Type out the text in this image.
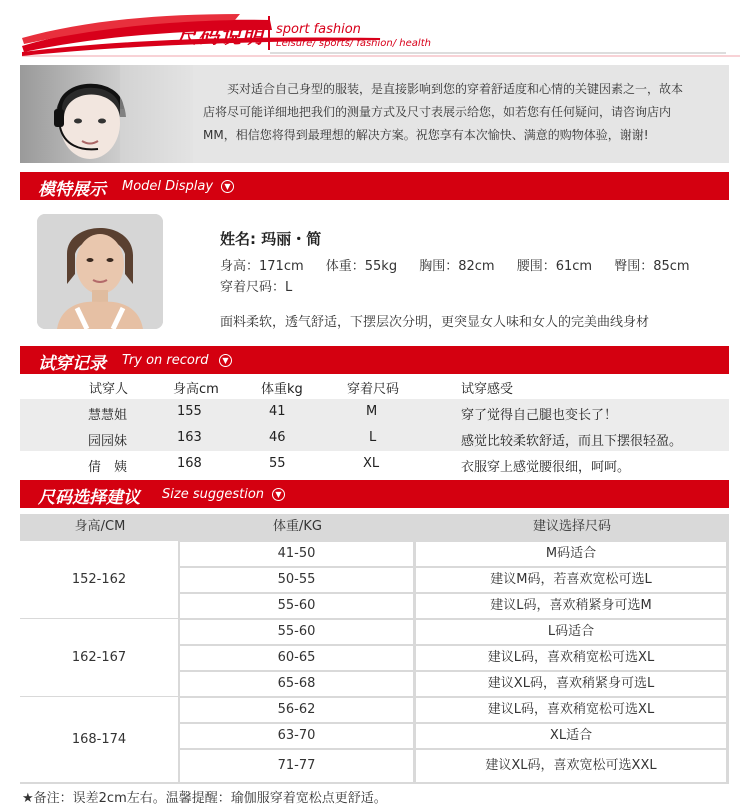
尺码说明 sport fashion
Leisure/ sports/ fashion/ health

买对适合自己身型的服装，是直接影响到您的穿着舒适度和心情的关键因素之一，故本

店将尽可能详细地把我们的测量方式及尺寸表展示给您，如若您有任何疑问，请咨询店内

MM，相信您将得到最理想的解决方案。祝您享有本次愉快、满意的购物体验，谢谢!

模特展示 Model Display	▼
姓名: 玛丽・简
身高：171cm 体重：55kg 胸围：82cm 腰围：61cm 臀围：85cm
穿着尺码：L
面料柔软，透气舒适，下摆层次分明，更突显女人味和女人的完美曲线身材
试穿记录 Try on record	▼
试穿人	身高cm	体重kg	穿着尺码	试穿感受
慧慧姐	155	41	M	穿了觉得自己腿也变长了！
园园妹	163	46	L	感觉比较柔软舒适，而且下摆很轻盈。
倩　姨	168	55	XL	衣服穿上感觉腰很细，呵呵。
尺码选择建议 Size suggestion	▼
身高/CM	体重/KG	建议选择尺码
152-162
41-50	M码适合
50-55	建议M码，若喜欢宽松可选L
55-60	建议L码，喜欢稍紧身可选M
162-167
55-60	L码适合
60-65	建议L码，喜欢稍宽松可选XL
65-68	建议XL码，喜欢稍紧身可选L
168-174
56-62	建议L码，喜欢稍宽松可选XL
63-70	XL适合
71-77	建议XL码，喜欢宽松可选XXL
★备注：误差2cm左右。温馨提醒：瑜伽服穿着宽松点更舒适。
